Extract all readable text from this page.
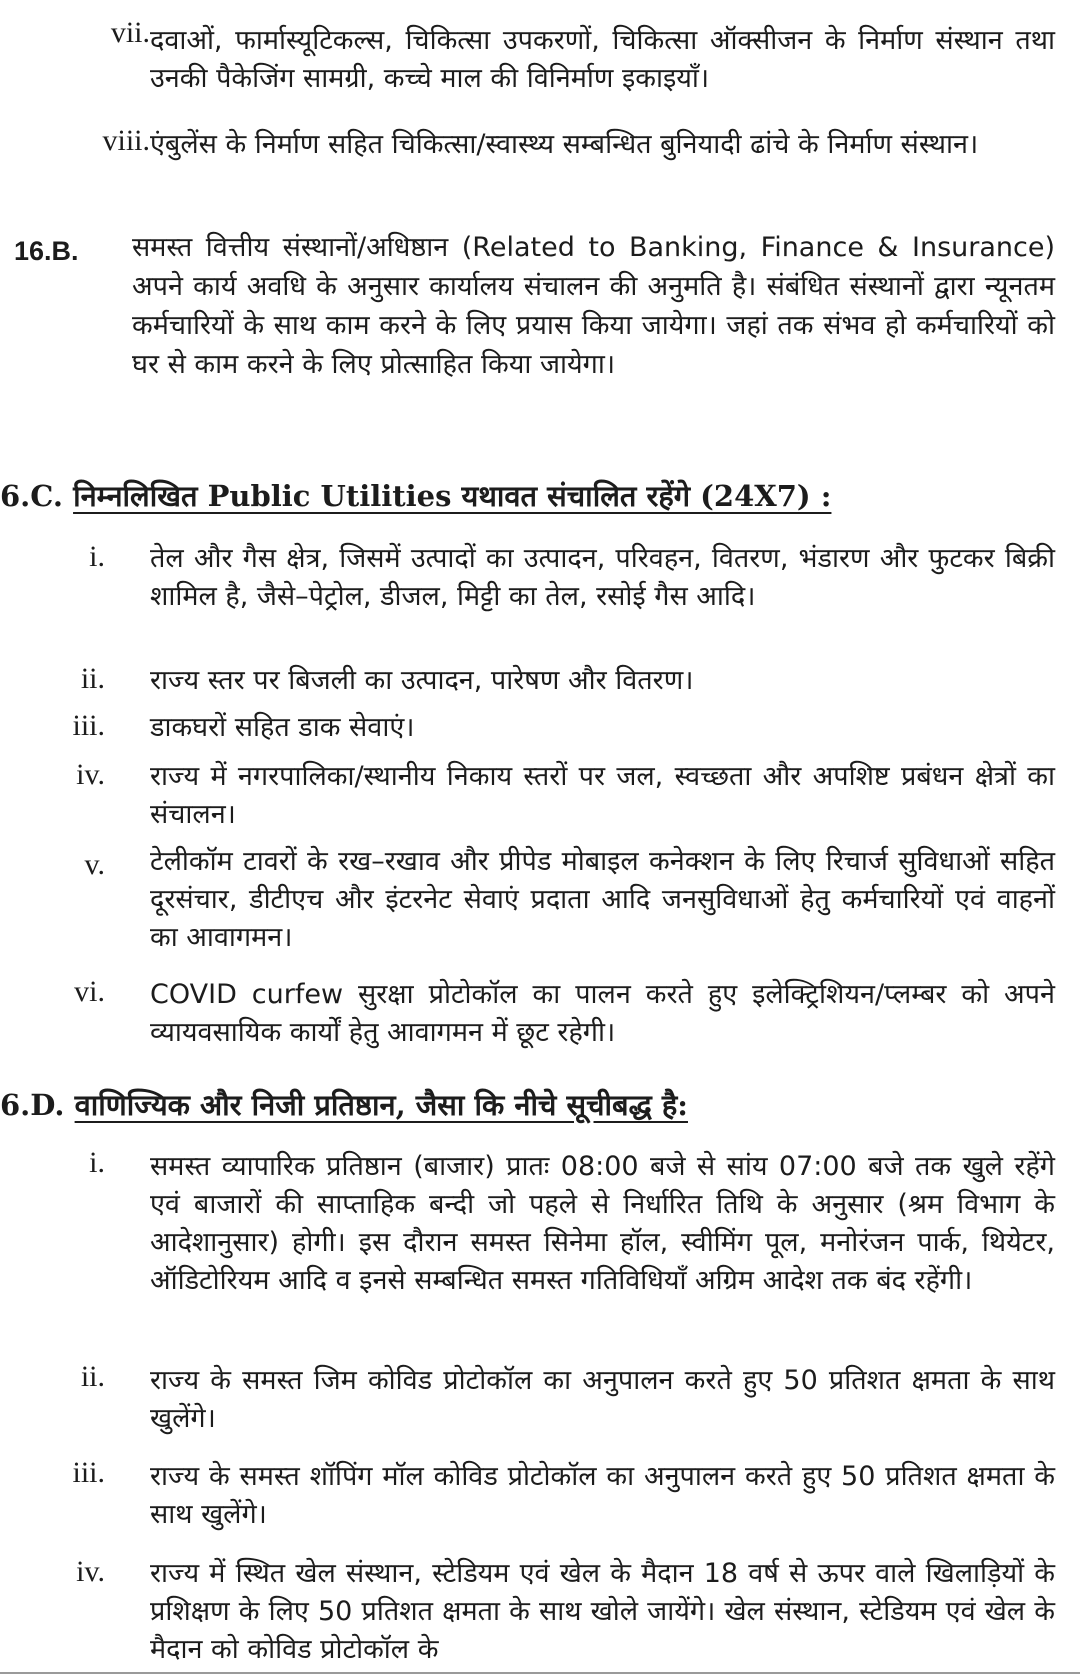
vii. दवाओं, फार्मास्यूटिकल्स, चिकित्सा उपकरणों, चिकित्सा ऑक्सीजन के निर्माण संस्थान तथा उनकी पैकेजिंग सामग्री, कच्चे माल की विनिर्माण इकाइयाँ।
viii. एंबुलेंस के निर्माण सहित चिकित्सा/स्वास्थ्य सम्बन्धित बुनियादी ढांचे के निर्माण संस्थान।
16.B. समस्त वित्तीय संस्थानों/अधिष्ठान (Related to Banking, Finance & Insurance) अपने कार्य अवधि के अनुसार कार्यालय संचालन की अनुमति है। संबंधित संस्थानों द्वारा न्यूनतम कर्मचारियों के साथ काम करने के लिए प्रयास किया जायेगा। जहां तक संभव हो कर्मचारियों को घर से काम करने के लिए प्रोत्साहित किया जायेगा।
6.C. निम्नलिखित Public Utilities यथावत संचालित रहेंगे (24X7) :
i. तेल और गैस क्षेत्र, जिसमें उत्पादों का उत्पादन, परिवहन, वितरण, भंडारण और फुटकर बिक्री शामिल है, जैसे–पेट्रोल, डीजल, मिट्टी का तेल, रसोई गैस आदि।
ii. राज्य स्तर पर बिजली का उत्पादन, पारेषण और वितरण।
iii. डाकघरों सहित डाक सेवाएं।
iv. राज्य में नगरपालिका/स्थानीय निकाय स्तरों पर जल, स्वच्छता और अपशिष्ट प्रबंधन क्षेत्रों का संचालन।
v. टेलीकॉम टावरों के रख–रखाव और प्रीपेड मोबाइल कनेक्शन के लिए रिचार्ज सुविधाओं सहित दूरसंचार, डीटीएच और इंटरनेट सेवाएं प्रदाता आदि जनसुविधाओं हेतु कर्मचारियों एवं वाहनों का आवागमन।
vi. COVID curfew सुरक्षा प्रोटोकॉल का पालन करते हुए इलेक्ट्रिशियन/प्लम्बर को अपने व्यायवसायिक कार्यों हेतु आवागमन में छूट रहेगी।
6.D. वाणिज्यिक और निजी प्रतिष्ठान, जैसा कि नीचे सूचीबद्ध है:
i. समस्त व्यापारिक प्रतिष्ठान (बाजार) प्रातः 08:00 बजे से सांय 07:00 बजे तक खुले रहेंगे एवं बाजारों की साप्ताहिक बन्दी जो पहले से निर्धारित तिथि के अनुसार (श्रम विभाग के आदेशानुसार) होगी। इस दौरान समस्त सिनेमा हॉल, स्वीमिंग पूल, मनोरंजन पार्क, थियेटर, ऑडिटोरियम आदि व इनसे सम्बन्धित समस्त गतिविधियाँ अग्रिम आदेश तक बंद रहेंगी।
ii. राज्य के समस्त जिम कोविड प्रोटोकॉल का अनुपालन करते हुए 50 प्रतिशत क्षमता के साथ खुलेंगे।
iii. राज्य के समस्त शॉपिंग मॉल कोविड प्रोटोकॉल का अनुपालन करते हुए 50 प्रतिशत क्षमता के साथ खुलेंगे।
iv. राज्य में स्थित खेल संस्थान, स्टेडियम एवं खेल के मैदान 18 वर्ष से ऊपर वाले खिलाड़ियों के प्रशिक्षण के लिए 50 प्रतिशत क्षमता के साथ खोले जायेंगे। खेल संस्थान, स्टेडियम एवं खेल के मैदान को कोविड प्रोटोकॉल के
